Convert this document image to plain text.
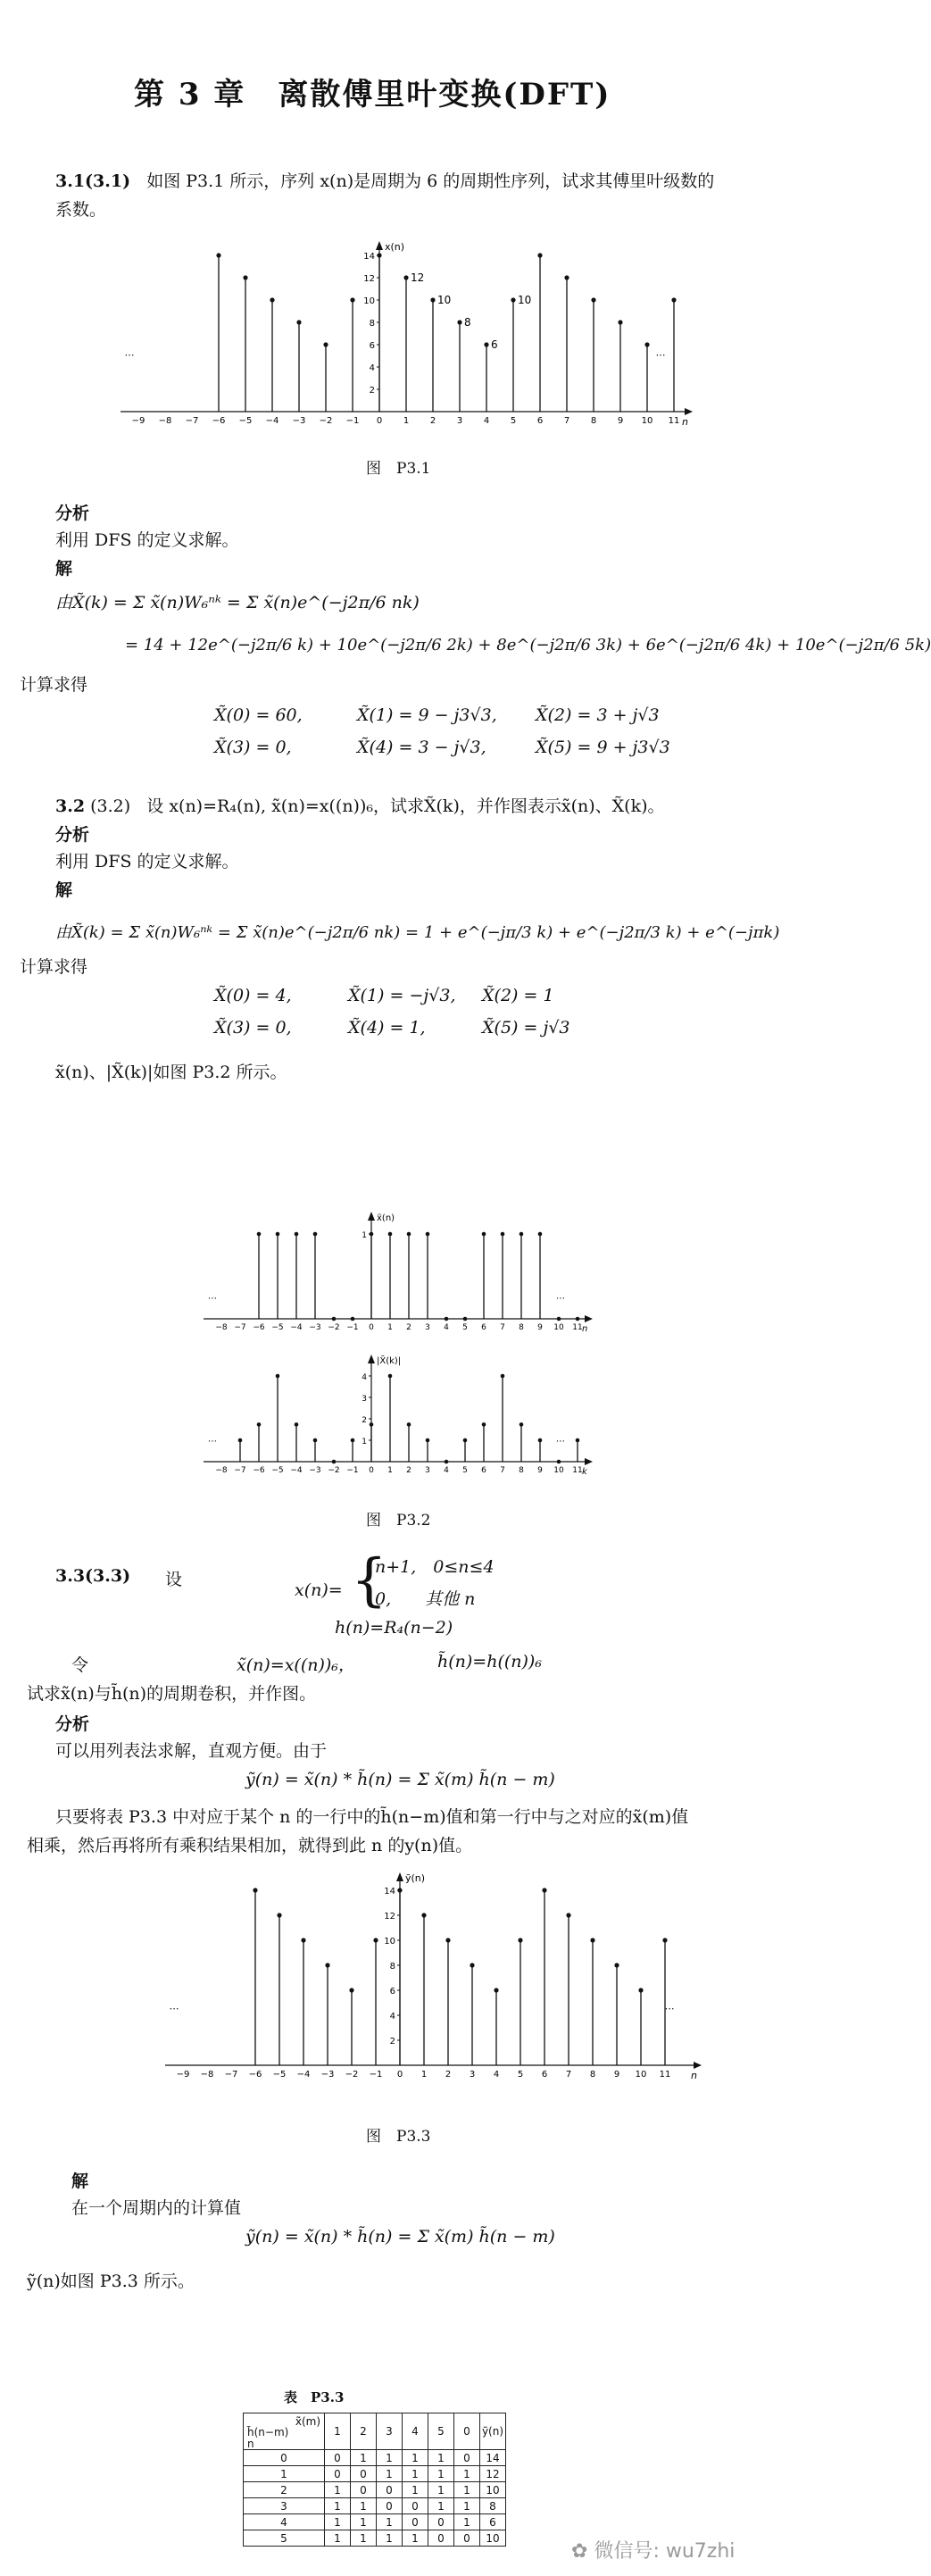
第 3 章　离散傅里叶变换(DFT)
3.1(3.1) 如图 P3.1 所示，序列 x(n)是周期为 6 的周期性序列，试求其傅里叶级数的
系数。
x(n)
n
−9 −8 −7 −6 −5 −4 −3 −2 −1 0 1 2 3 4 5 6 7 8 9 10 11
14
12
10
8
6
4
2
⋯	⋯
12
10
8
6
10
图　P3.1
分析
利用 DFS 的定义求解。
解
由X̃(k) = Σ x̃(n)W₆ⁿᵏ = Σ x̃(n)e^(−j2π/6 nk)
= 14 + 12e^(−j2π/6 k) + 10e^(−j2π/6 2k) + 8e^(−j2π/6 3k) + 6e^(−j2π/6 4k) + 10e^(−j2π/6 5k)
计算求得
X̃(0) = 60,	X̃(1) = 9 − j3√3, X̃(2) = 3 + j√3
X̃(3) = 0,	X̃(4) = 3 − j√3,	X̃(5) = 9 + j3√3
3.2 (3.2) 设 x(n)=R₄(n), x̃(n)=x((n))₆，试求X̃(k)，并作图表示x̃(n)、X̃(k)。
分析
利用 DFS 的定义求解。
解
由X̃(k) = Σ x̃(n)W₆ⁿᵏ = Σ x̃(n)e^(−j2π/6 nk) = 1 + e^(−jπ/3 k) + e^(−j2π/3 k) + e^(−jπk)
计算求得
X̃(0) = 4,	X̃(1) = −j√3, X̃(2) = 1
X̃(3) = 0,	X̃(4) = 1,	X̃(5) = j√3
x̃(n)、|X̃(k)|如图 P3.2 所示。
x̃(n)
n
−8 −7 −6 −5 −4 −3 −2 −1 0 1 2 3 4 5 6 7 8 9 10 11
1
⋯	⋯
|X̃(k)|
k
−8 −7 −6 −5 −4 −3 −2 −1 0 1 2 3 4 5 6 7 8 9 10 11
4
3
2
1
⋯	⋯
图　P3.2
3.3(3.3) 设
x(n)= {
n+1,　0≤n≤4
0,　　其他 n
h(n)=R₄(n−2)
令	x̃(n)=x((n))₆，	h̃(n)=h((n))₆
试求x̃(n)与h̃(n)的周期卷积，并作图。
分析
可以用列表法求解，直观方便。由于
ỹ(n) = x̃(n) * h̃(n) = Σ x̃(m) h̃(n − m)
只要将表 P3.3 中对应于某个 n 的一行中的h̃(n−m)值和第一行中与之对应的x̃(m)值
相乘，然后再将所有乘积结果相加，就得到此 n 的y(n)值。
ỹ(n)
n
−9 −8 −7 −6 −5 −4 −3 −2 −1 0 1 2 3 4 5 6 7 8 9 10 11
14
12
10
8
6
4
2
⋯	⋯
图　P3.3
解
在一个周期内的计算值
ỹ(n) = x̃(n) * h̃(n) = Σ x̃(m) h̃(n − m)
ỹ(n)如图 P3.3 所示。
表　P3.3
x̃(m)
h̃(n−m)
n	1	2	3	4	5	0	ỹ(n)
0	0	1	1	1	1	0	14
1	0	0	1	1	1	1	12
2	1	0	0	1	1	1	10
3	1	1	0	0	1	1	8
4	1	1	1	0	0	1	6
5	1	1	1	1	0	0	10
✿ 微信号: wu7zhi
